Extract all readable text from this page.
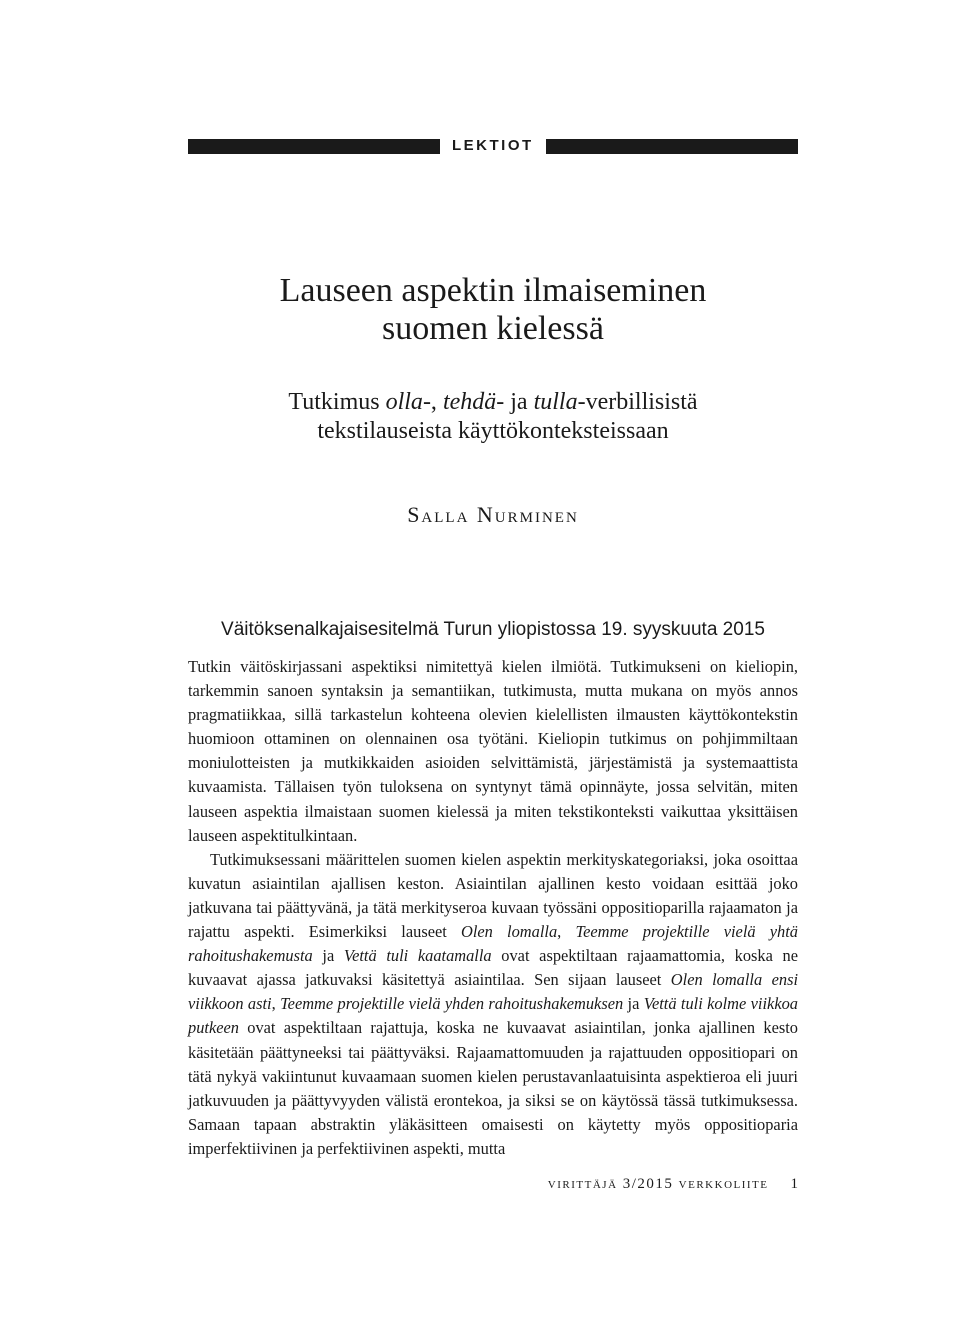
LEKTIOT
Lauseen aspektin ilmaiseminen
suomen kielessä
Tutkimus olla-, tehdä- ja tulla-verbillisistä
tekstilauseista käyttökonteksteissaan
Salla Nurminen
Väitöksenalkajaisesitelmä Turun yliopistossa 19. syyskuuta 2015

Tutkin väitöskirjassani aspektiksi nimitettyä kielen ilmiötä. Tutkimukseni on kieliopin, tarkemmin sanoen syntaksin ja semantiikan, tutkimusta, mutta mukana on myös annos pragmatiikkaa, sillä tarkastelun kohteena olevien kielellisten ilmausten käyttökontekstin huomioon ottaminen on olennainen osa työtäni. Kieliopin tutkimus on pohjimmiltaan moniulotteisten ja mutkikkaiden asioiden selvittämistä, järjestämistä ja systemaattista kuvaamista. Tällaisen työn tuloksena on syntynyt tämä opinnäyte, jossa selvitän, miten lauseen aspektia ilmaistaan suomen kielessä ja miten tekstikonteksti vaikuttaa yksittäisen lauseen aspektitulkintaan.

Tutkimuksessani määrittelen suomen kielen aspektin merkityskategoriaksi, joka osoittaa kuvatun asiaintilan ajallisen keston. Asiaintilan ajallinen kesto voidaan esittää joko jatkuvana tai päättyvänä, ja tätä merkityseroa kuvaan työssäni oppositioparilla rajaamaton ja rajattu aspekti. Esimerkiksi lauseet Olen lomalla, Teemme projektille vielä yhtä rahoitushakemusta ja Vettä tuli kaatamalla ovat aspektiltaan rajaamattomia, koska ne kuvaavat ajassa jatkuvaksi käsitettyä asiaintilaa. Sen sijaan lauseet Olen lomalla ensi viikkoon asti, Teemme projektille vielä yhden rahoitushakemuksen ja Vettä tuli kolme viikkoa putkeen ovat aspektiltaan rajattuja, koska ne kuvaavat asiaintilan, jonka ajallinen kesto käsitetään päättyneeksi tai päättyväksi. Rajaamattomuuden ja rajattuuden oppositiopari on tätä nykyä vakiintunut kuvaamaan suomen kielen perustavanlaatuisinta aspektieroa eli juuri jatkuvuuden ja päättyvyyden välistä erontekoa, ja siksi se on käytössä tässä tutkimuksessa. Samaan tapaan abstraktin yläkäsitteen omaisesti on käytetty myös oppositioparia imperfektiivinen ja perfektiivinen aspekti, mutta

virittäjä 3/2015 verkkoliite 1
